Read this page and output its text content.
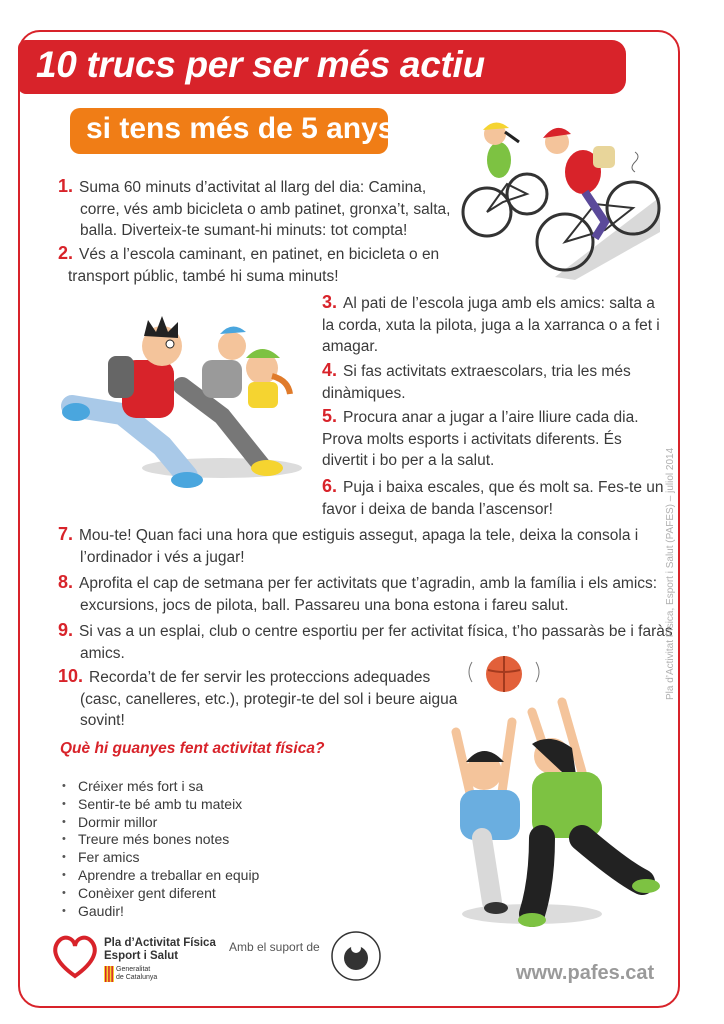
10 trucs per ser més actiu
si tens més de 5 anys
1. Suma 60 minuts d’activitat al llarg del dia: Camina,
corre, vés amb bicicleta o amb patinet, gronxa’t, salta,
balla. Diverteix-te sumant-hi minuts: tot compta!
2. Vés a l’escola caminant, en patinet, en bicicleta o en
transport públic, també hi suma minuts!
3. Al pati de l’escola juga amb els amics: salta a
la corda, xuta la pilota, juga a la xarranca o a fet i
amagar.
4. Si fas activitats extraescolars, tria les més
dinàmiques.
5. Procura anar a jugar a l’aire lliure cada dia.
Prova molts esports i activitats diferents. És
divertit i bo per a la salut.
6. Puja i baixa escales, que és molt sa. Fes-te un
favor i deixa de banda l’ascensor!
7. Mou-te! Quan faci una hora que estiguis assegut, apaga la tele, deixa la consola i
l’ordinador i vés a jugar!
8. Aprofita el cap de setmana per fer activitats que t’agradin, amb la família i els amics:
excursions, jocs de pilota, ball. Passareu una bona estona i fareu salut.
9. Si vas a un esplai, club o centre esportiu per fer activitat física, t’ho passaràs be i faràs
amics.
10. Recorda’t de fer servir les proteccions adequades
(casc, canelleres, etc.), protegir-te del sol i beure aigua
sovint!
Què hi guanyes fent activitat física?
• Créixer més fort i sa
• Sentir-te bé amb tu mateix
• Dormir millor
• Treure més bones notes
• Fer amics
• Aprendre a treballar en equip
• Conèixer gent diferent
• Gaudir!
Pla d’Activitat Física, Esport i Salut (PAFES) – juliol 2014
Pla d’Activitat Física
Esport i Salut
Generalitat
de Catalunya
Amb el suport de
www.pafes.cat
